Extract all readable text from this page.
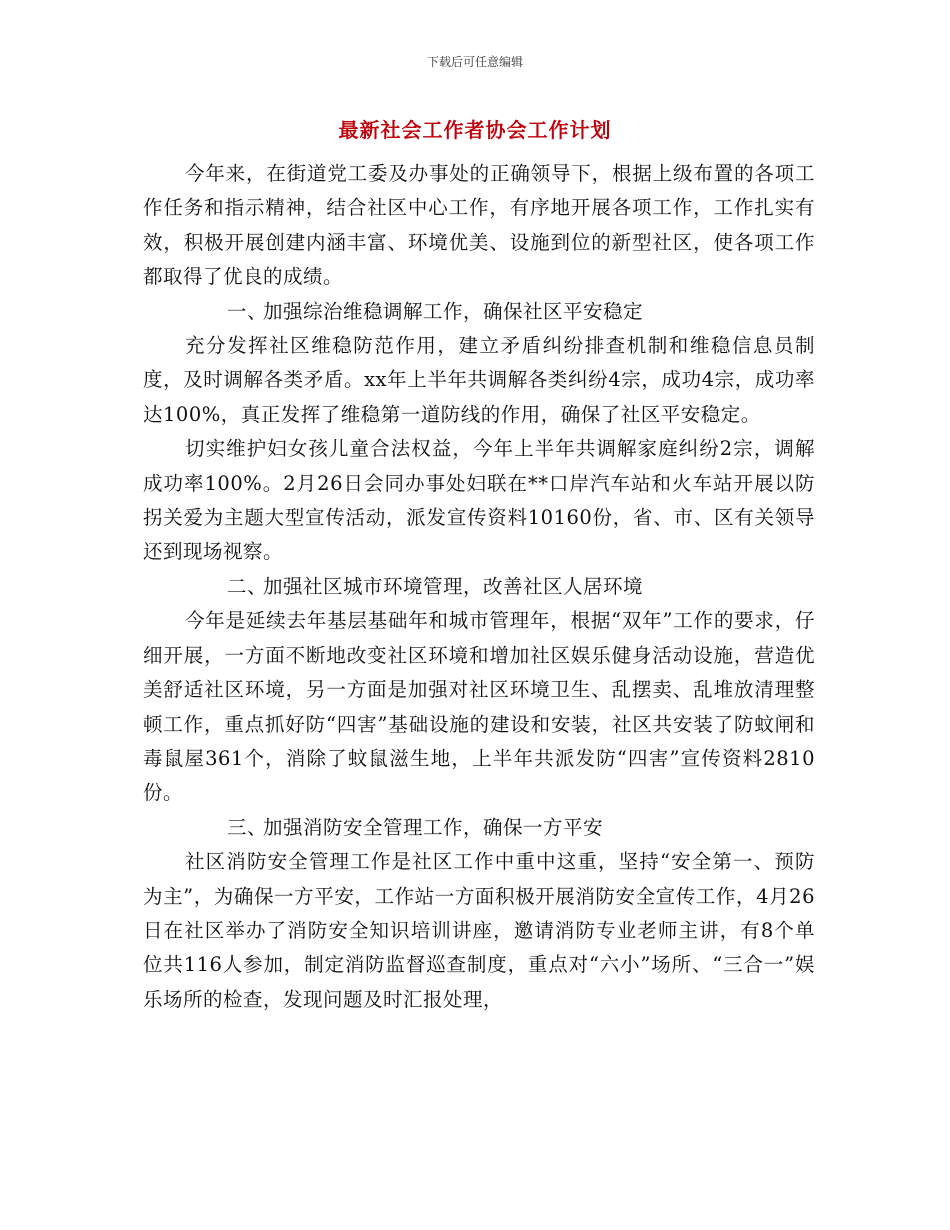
下载后可任意编辑
最新社会工作者协会工作计划

今年来，在街道党工委及办事处的正确领导下，根据上级布置的各项工作任务和指示精神，结合社区中心工作，有序地开展各项工作，工作扎实有效，积极开展创建内涵丰富、环境优美、设施到位的新型社区，使各项工作都取得了优良的成绩。

一、加强综治维稳调解工作，确保社区平安稳定

充分发挥社区维稳防范作用，建立矛盾纠纷排查机制和维稳信息员制度，及时调解各类矛盾。xx年上半年共调解各类纠纷4宗，成功4宗，成功率达100%，真正发挥了维稳第一道防线的作用，确保了社区平安稳定。

切实维护妇女孩儿童合法权益，今年上半年共调解家庭纠纷2宗，调解成功率100%。2月26日会同办事处妇联在**口岸汽车站和火车站开展以防拐关爱为主题大型宣传活动，派发宣传资料10160份，省、市、区有关领导还到现场视察。

二、加强社区城市环境管理，改善社区人居环境

今年是延续去年基层基础年和城市管理年，根据“双年”工作的要求，仔细开展，一方面不断地改变社区环境和增加社区娱乐健身活动设施，营造优美舒适社区环境，另一方面是加强对社区环境卫生、乱摆卖、乱堆放清理整顿工作，重点抓好防“四害”基础设施的建设和安装，社区共安装了防蚊闸和毒鼠屋361个，消除了蚊鼠滋生地，上半年共派发防“四害”宣传资料2810份。

三、加强消防安全管理工作，确保一方平安

社区消防安全管理工作是社区工作中重中这重，坚持“安全第一、预防为主”，为确保一方平安，工作站一方面积极开展消防安全宣传工作，4月26日在社区举办了消防安全知识培训讲座，邀请消防专业老师主讲，有8个单位共116人参加，制定消防监督巡查制度，重点对“六小”场所、“三合一”娱乐场所的检查，发现问题及时汇报处理，
